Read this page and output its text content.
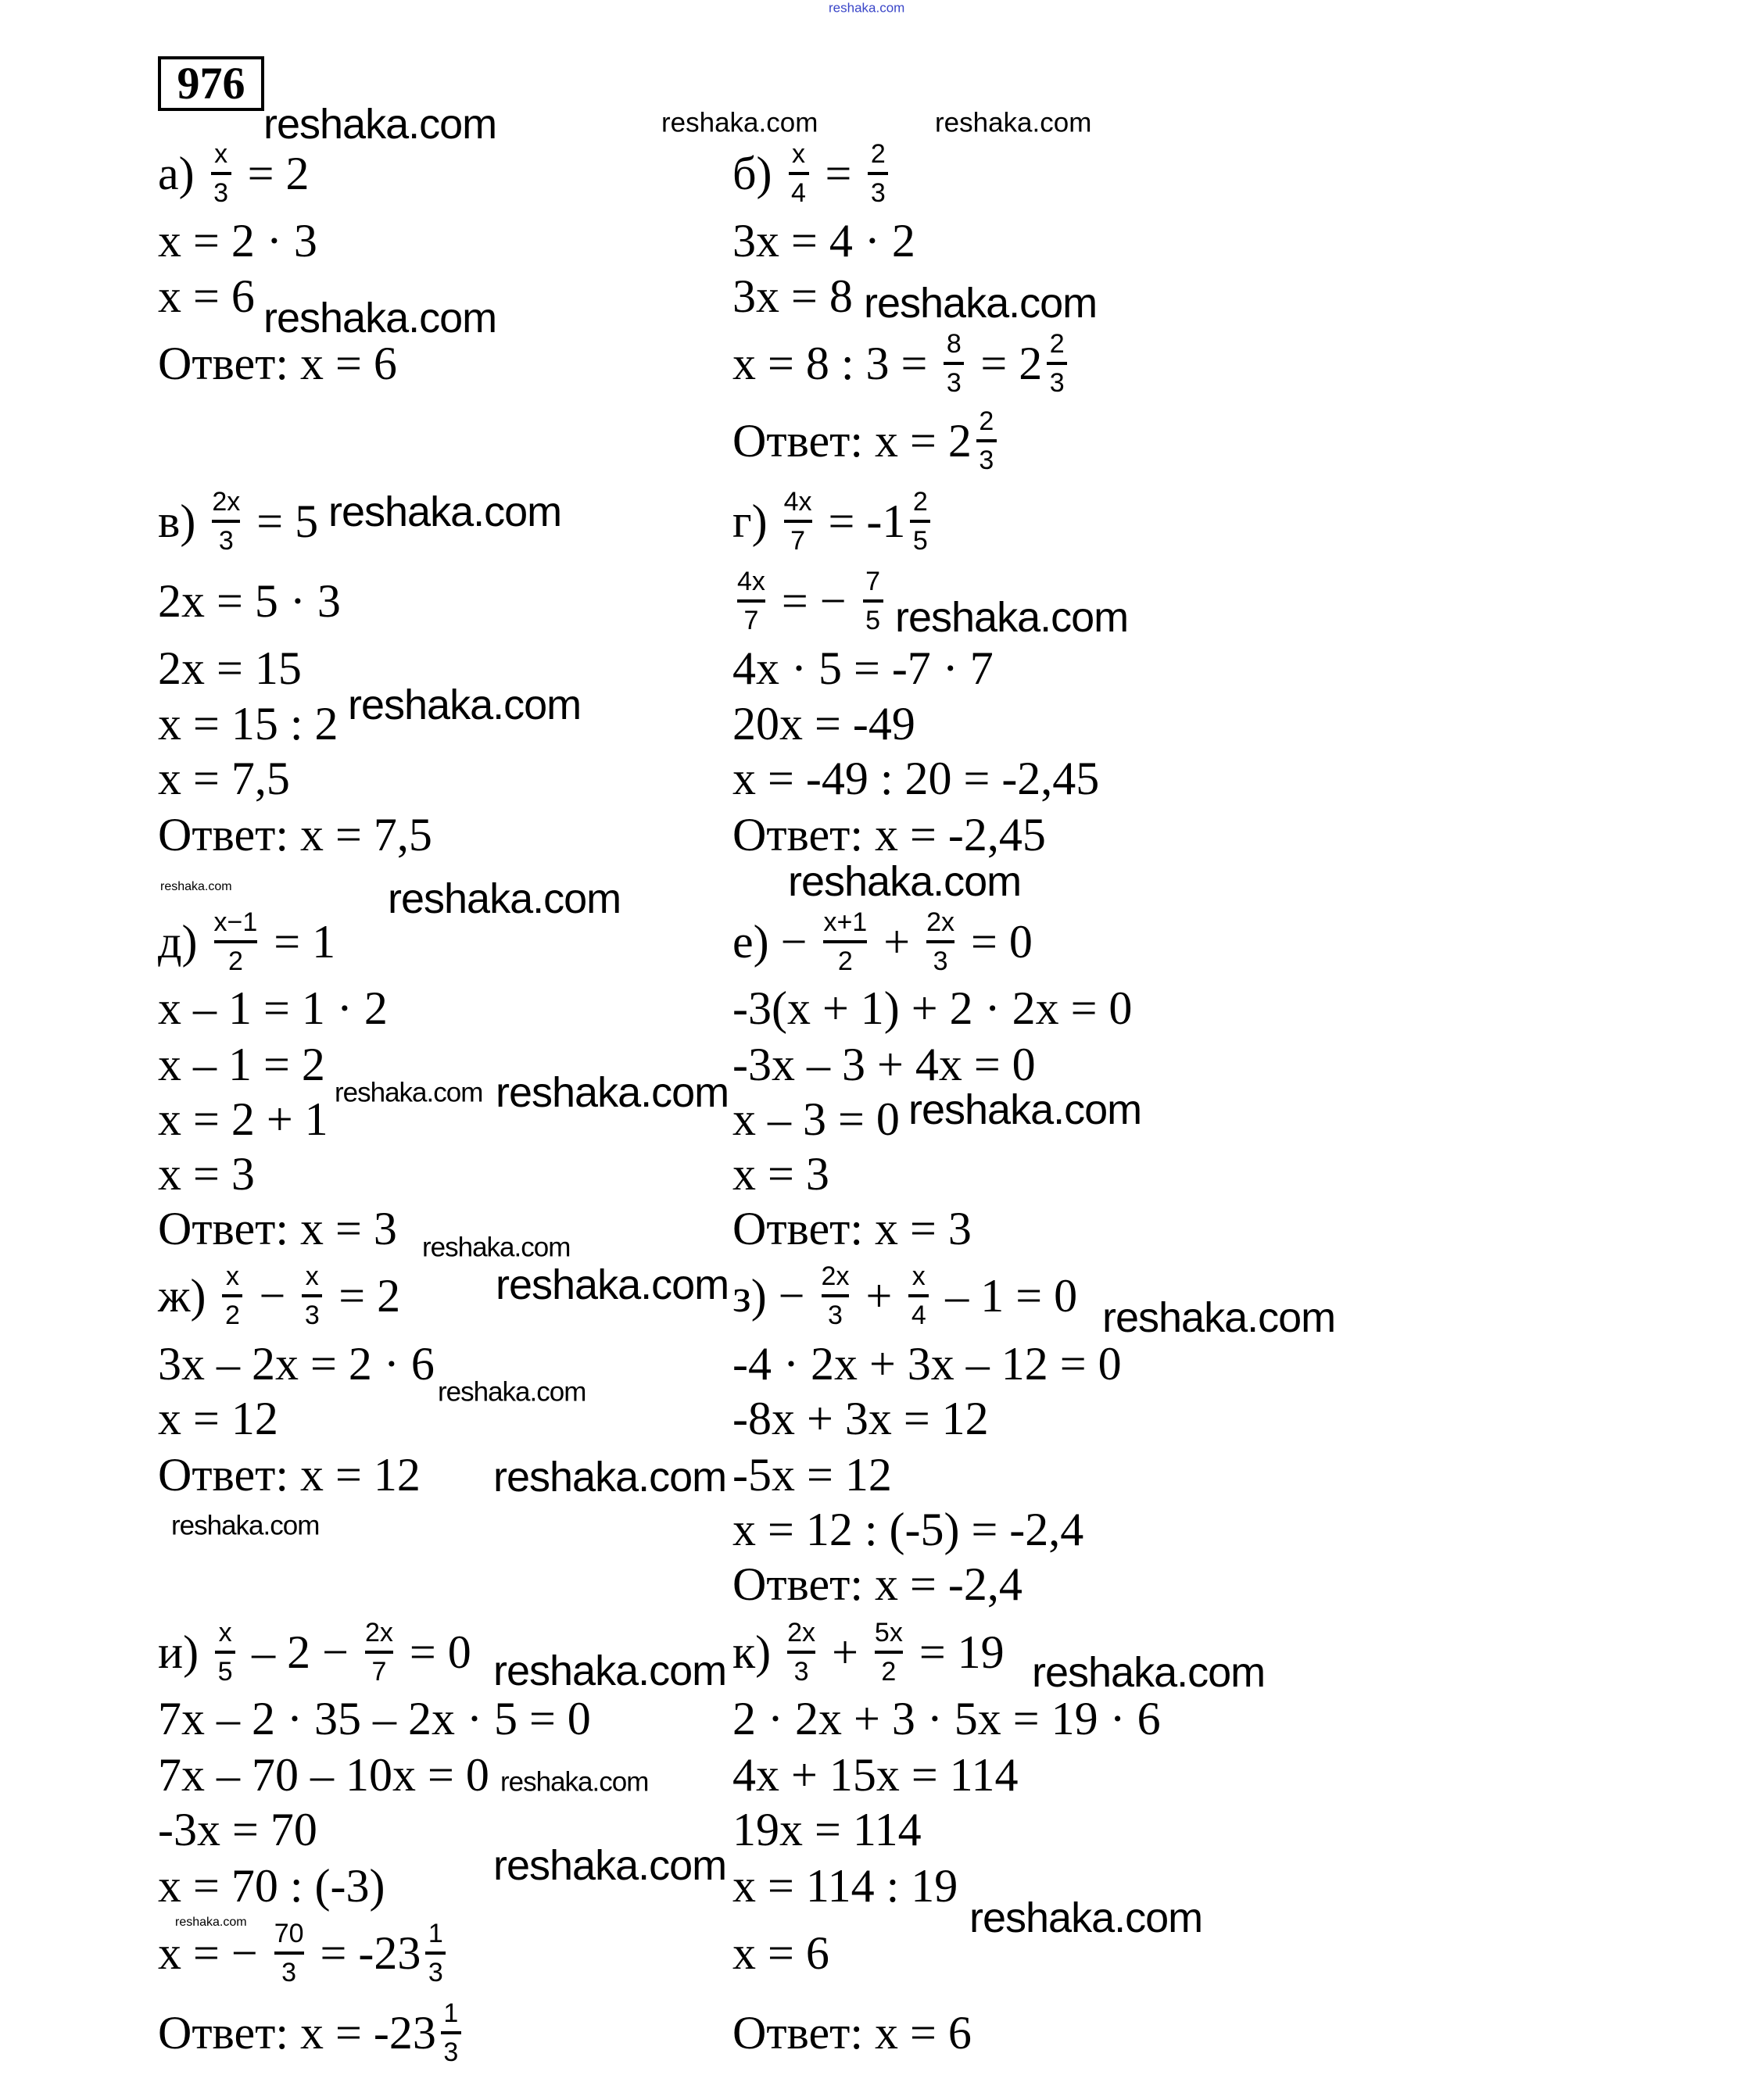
976
$а) \frac{x}{3} = 2$
x = 2 · 3
x = 6
Ответ: x = 6
$в) \frac{2x}{3} = 5$
2x = 5 · 3
2x = 15
x = 15 : 2
x = 7,5
Ответ: x = 7,5
$д) \frac{x-1}{2} = 1$
x – 1 = 1 · 2
x – 1 = 2
x = 2 + 1
x = 3
Ответ: x = 3
$ж) \frac{x}{2} - \frac{x}{3} = 2$
3x – 2x = 2 · 6
x = 12
Ответ: x = 12
$и) \frac{x}{5} - 2 - \frac{2x}{7} = 0$
7x – 2 · 35 – 2x · 5 = 0
7x – 70 – 10x = 0
-3x = 70
x = 70 : (-3)
x = − $\frac{70}{3} = -23 \frac{1}{3}$
Ответ: $x = -23 \frac{1}{3}$
$б) \frac{x}{4} = \frac{2}{3}$
3x = 4 · 2
3x = 8
x = 8 : $3 = \frac{8}{3} = 2 \frac{2}{3}$
Ответ: $x = 2 \frac{2}{3}$
$г) \frac{4x}{7} = -1 \frac{2}{5}$
$\frac{4x}{7}$ = − $\frac{7}{5}$
4x · 5 = -7 · 7
20x = -49
x = -49 : 20 = -2,45
Ответ: x = -2,45
$е) - \frac{x+1}{2} + \frac{2x}{3} = 0$
-3(x + 1) + 2 · 2x = 0
-3x – 3 + 4x = 0
x – 3 = 0
x = 3
Ответ: x = 3
$з) - \frac{2x}{3} + \frac{x}{4} - 1 = 0$
-4 · 2x + 3x – 12 = 0
-8x + 3x = 12
-5x = 12
x = 12 : (-5) = -2,4
Ответ: x = -2,4
$к) \frac{2x}{3} + \frac{5x}{2} = 19$
2 · 2x + 3 · 5x = 19 · 6
4x + 15x = 114
19x = 114
x = 114 : 19
x = 6
Ответ: x = 6
reshaka.com	reshaka.com	reshaka.com
reshaka.com	reshaka.com
reshaka.com
reshaka.com
reshaka.com
reshaka.com
reshaka.com
reshaka.com
reshaka.com reshaka.com	reshaka.com
reshaka.com
reshaka.com
reshaka.com
reshaka.com
reshaka.com
reshaka.com
reshaka.com	reshaka.com
reshaka.com
reshaka.com
reshaka.com	reshaka.com
reshaka.com
